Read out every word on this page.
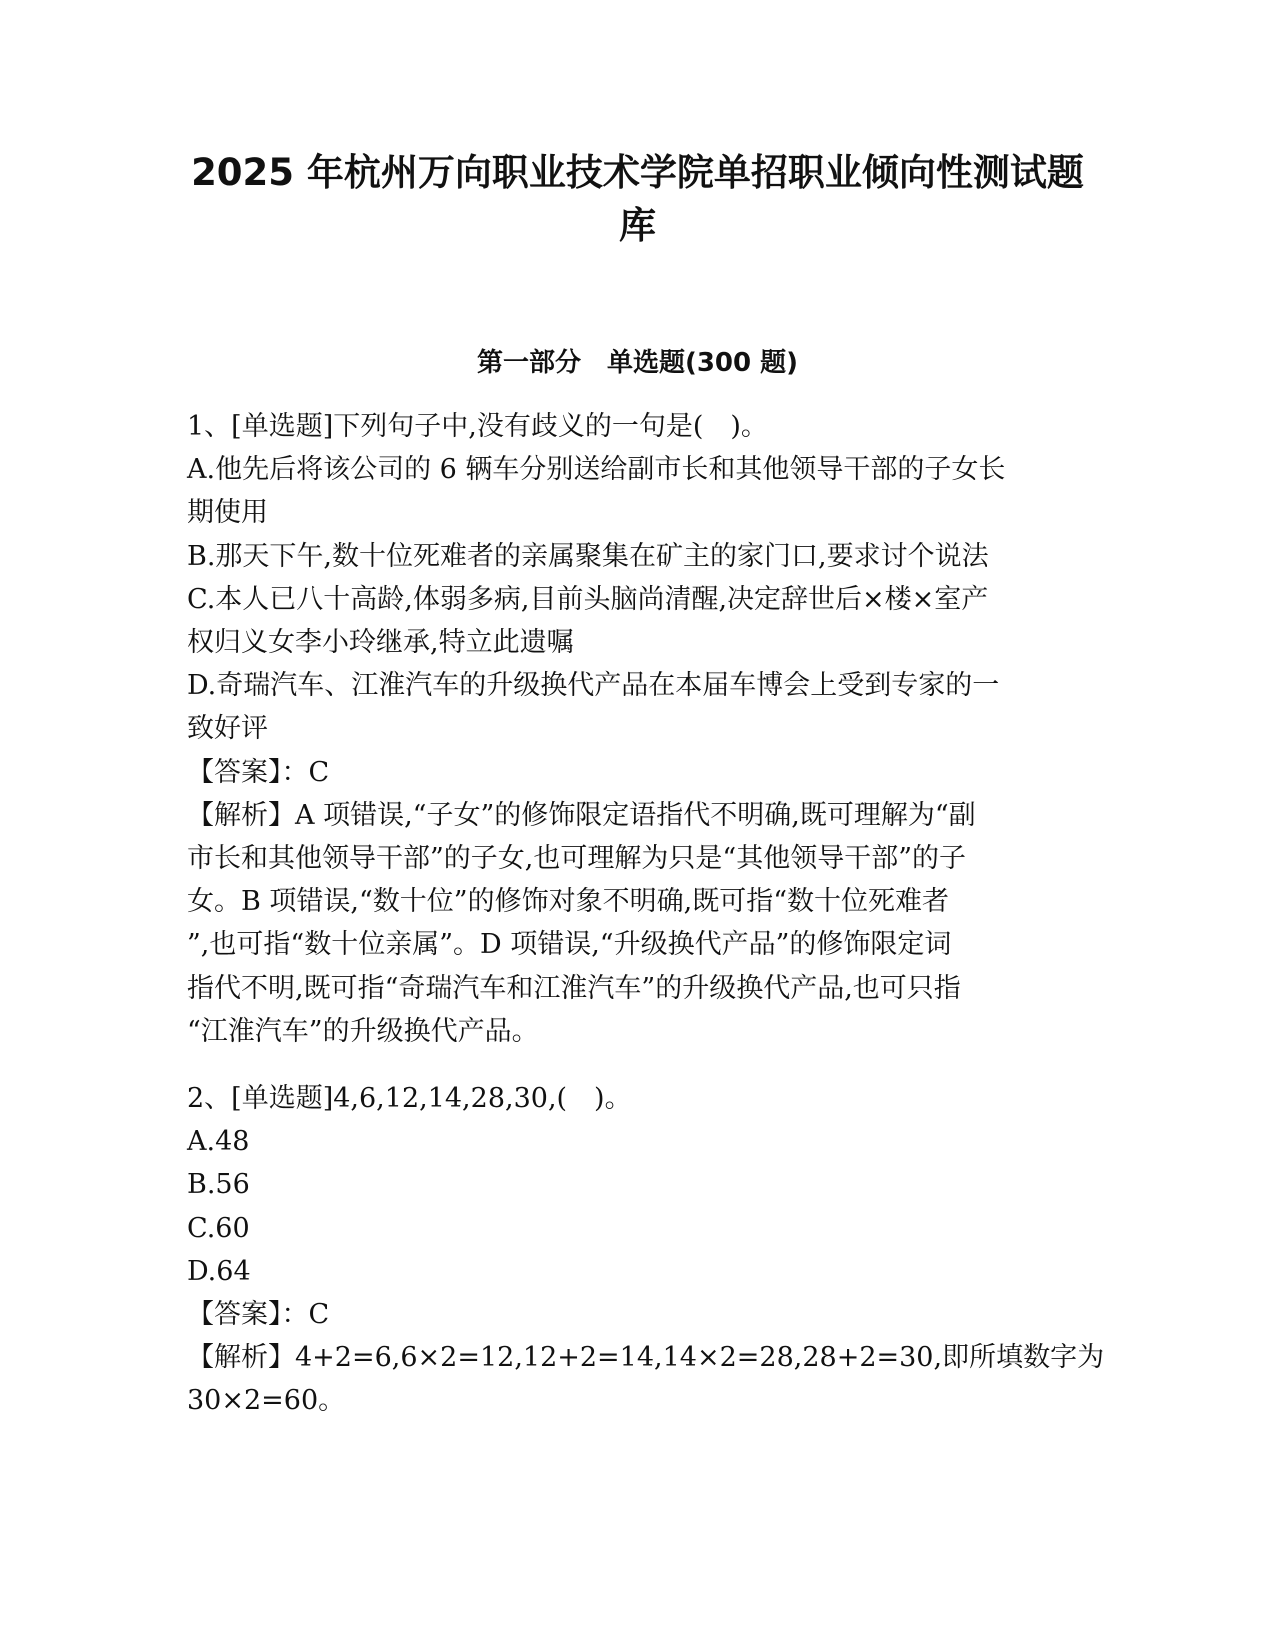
2025 年杭州万向职业技术学院单招职业倾向性测试题
库
第一部分　单选题(300 题)
1、[单选题]下列句子中,没有歧义的一句是(　)。
A.他先后将该公司的 6 辆车分别送给副市长和其他领导干部的子女长
期使用
B.那天下午,数十位死难者的亲属聚集在矿主的家门口,要求讨个说法
C.本人已八十高龄,体弱多病,目前头脑尚清醒,决定辞世后×楼×室产
权归义女李小玲继承,特立此遗嘱
D.奇瑞汽车、江淮汽车的升级换代产品在本届车博会上受到专家的一
致好评
【答案】：C
【解析】A 项错误,“子女”的修饰限定语指代不明确,既可理解为“副
市长和其他领导干部”的子女,也可理解为只是“其他领导干部”的子
女。B 项错误,“数十位”的修饰对象不明确,既可指“数十位死难者
”,也可指“数十位亲属”。D 项错误,“升级换代产品”的修饰限定词
指代不明,既可指“奇瑞汽车和江淮汽车”的升级换代产品,也可只指
“江淮汽车”的升级换代产品。
2、[单选题]4,6,12,14,28,30,(　)。
A.48
B.56
C.60
D.64
【答案】：C
【解析】4+2=6,6×2=12,12+2=14,14×2=28,28+2=30,即所填数字为
30×2=60。
